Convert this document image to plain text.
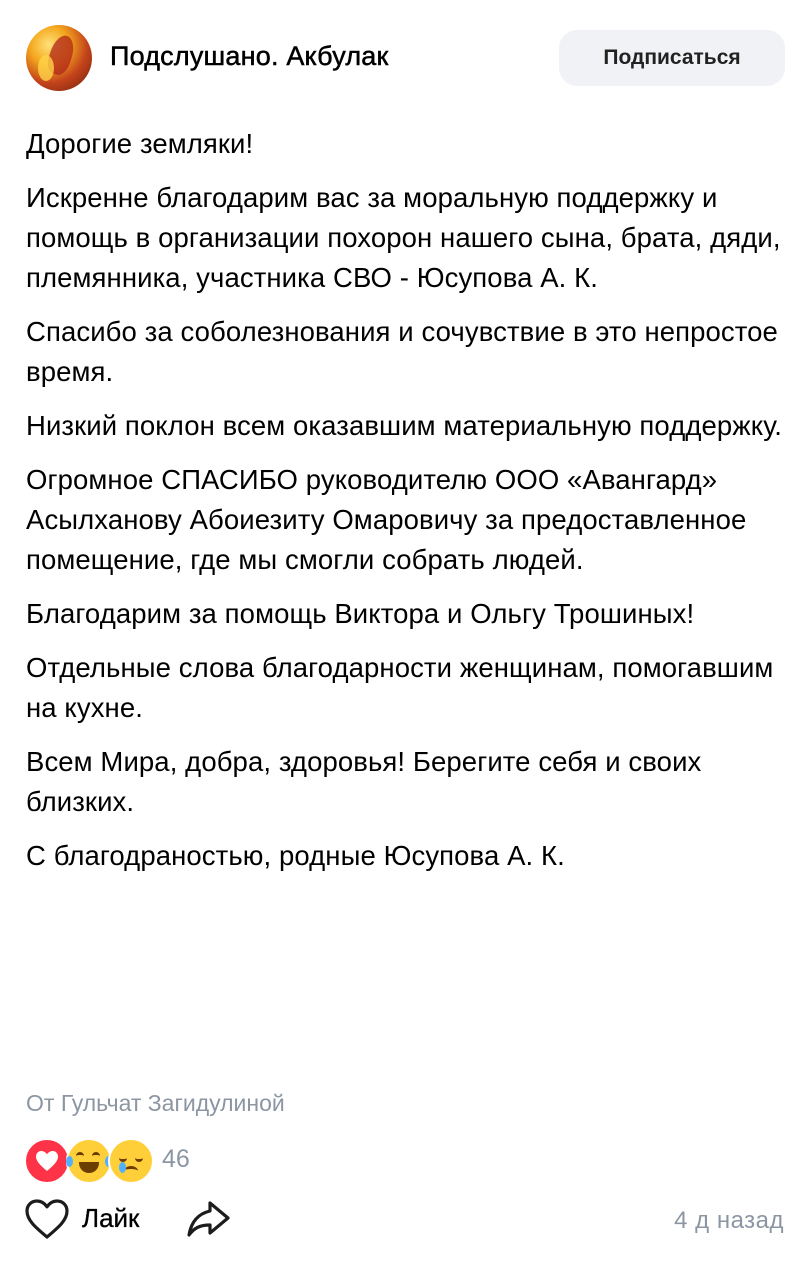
Подслушано. Акбулак	Подписаться

Дорогие земляки!

Искренне благодарим вас за моральную поддержку и помощь в организации похорон нашего сына, брата, дяди, племянника, участника СВО - Юсупова А. К.

Спасибо за соболезнования и сочувствие в это непростое время.

Низкий поклон всем оказавшим материальную поддержку.

Огромное СПАСИБО руководителю ООО «Авангард» Асылханову Абоиезиту Омаровичу за предоставленное помещение, где мы смогли собрать людей.

Благодарим за помощь Виктора и Ольгу Трошиных!

Отдельные слова благодарности женщинам, помогавшим на кухне.

Всем Мира, добра, здоровья! Берегите себя и своих близких.

С благодраностью, родные Юсупова А. К.

От Гульчат Загидулиной
46
Лайк	4 д назад
